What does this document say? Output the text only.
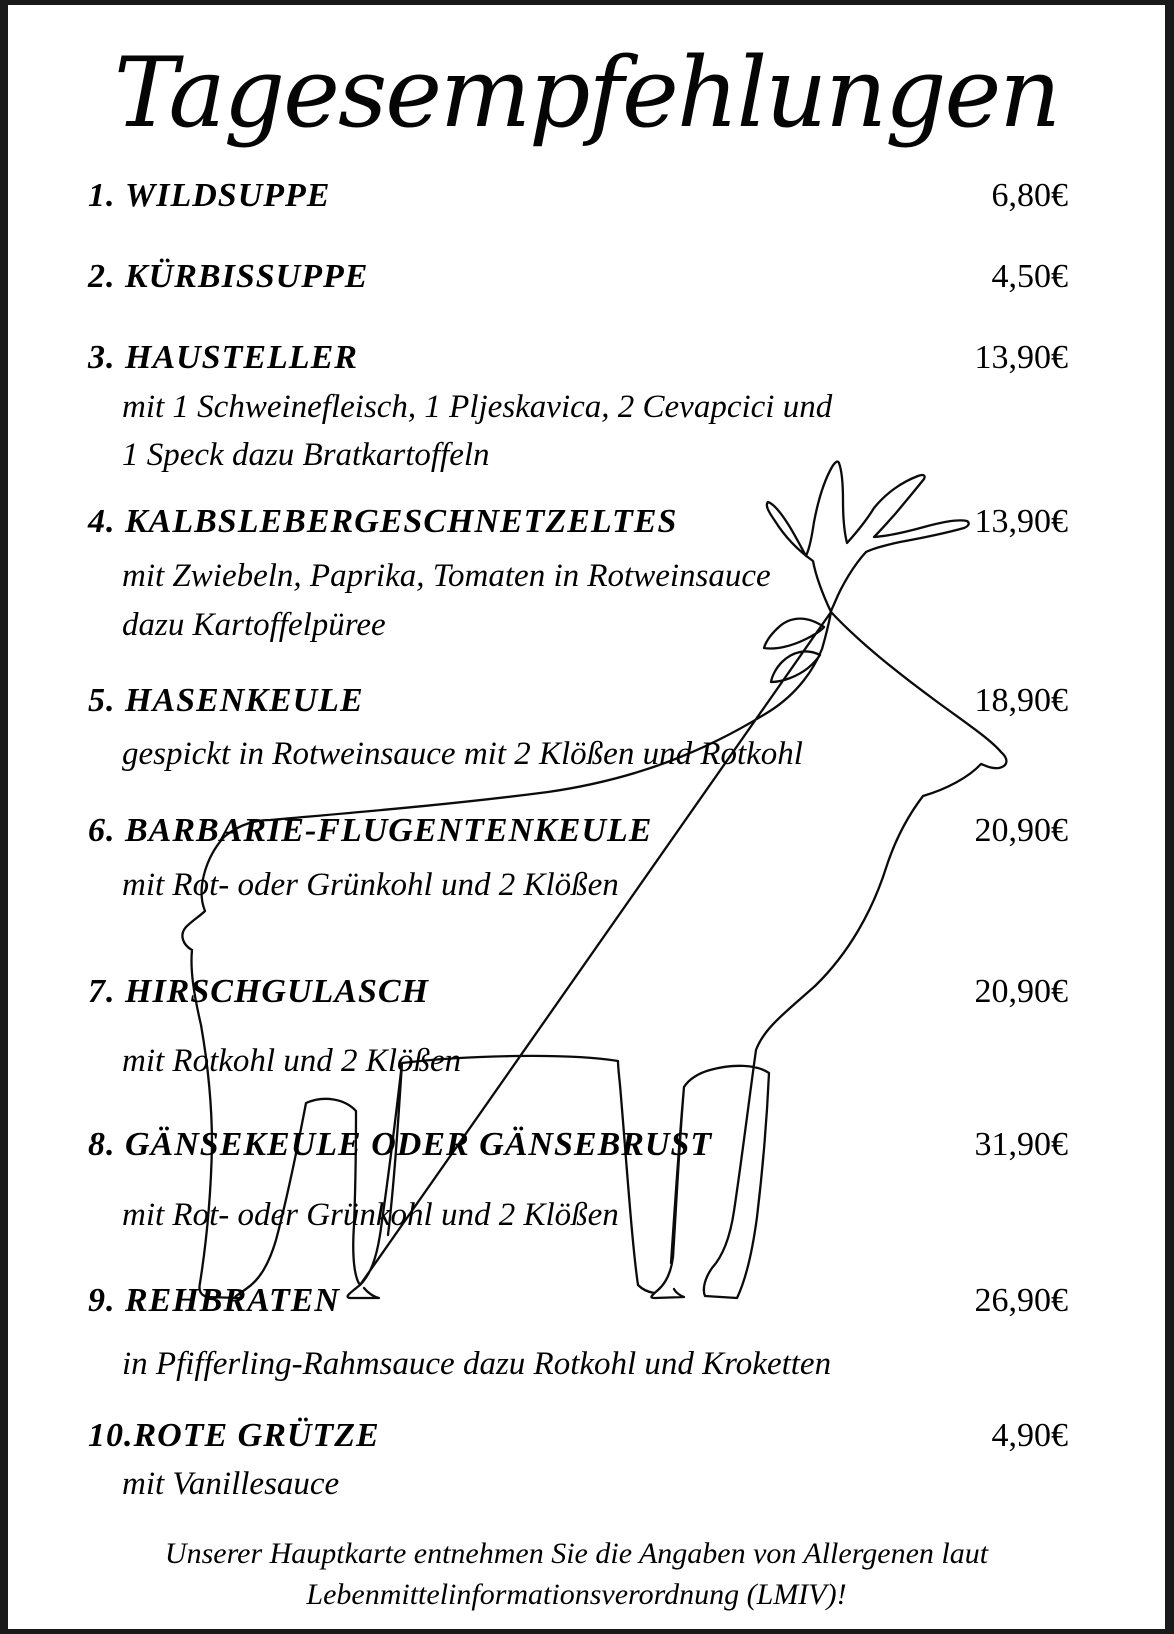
Tagesempfehlungen
1. WILDSUPPE	6,80€
2. KÜRBISSUPPE	4,50€
3. HAUSTELLER	13,90€
mit 1 Schweinefleisch, 1 Pljeskavica, 2 Cevapcici und
1 Speck dazu Bratkartoffeln
4. KALBSLEBERGESCHNETZELTES	13,90€
mit Zwiebeln, Paprika, Tomaten in Rotweinsauce
dazu Kartoffelpüree
5. HASENKEULE	18,90€
gespickt in Rotweinsauce mit 2 Klößen und Rotkohl
6. BARBARIE-FLUGENTENKEULE	20,90€
mit Rot- oder Grünkohl und 2 Klößen
7. HIRSCHGULASCH	20,90€
mit Rotkohl und 2 Klößen
8. GÄNSEKEULE ODER GÄNSEBRUST	31,90€
mit Rot- oder Grünkohl und 2 Klößen
9. REHBRATEN	26,90€
in Pfifferling-Rahmsauce dazu Rotkohl und Kroketten
10. ROTE GRÜTZE	4,90€
mit Vanillesauce
Unserer Hauptkarte entnehmen Sie die Angaben von Allergenen laut
Lebenmittelinformationsverordnung (LMIV)!
